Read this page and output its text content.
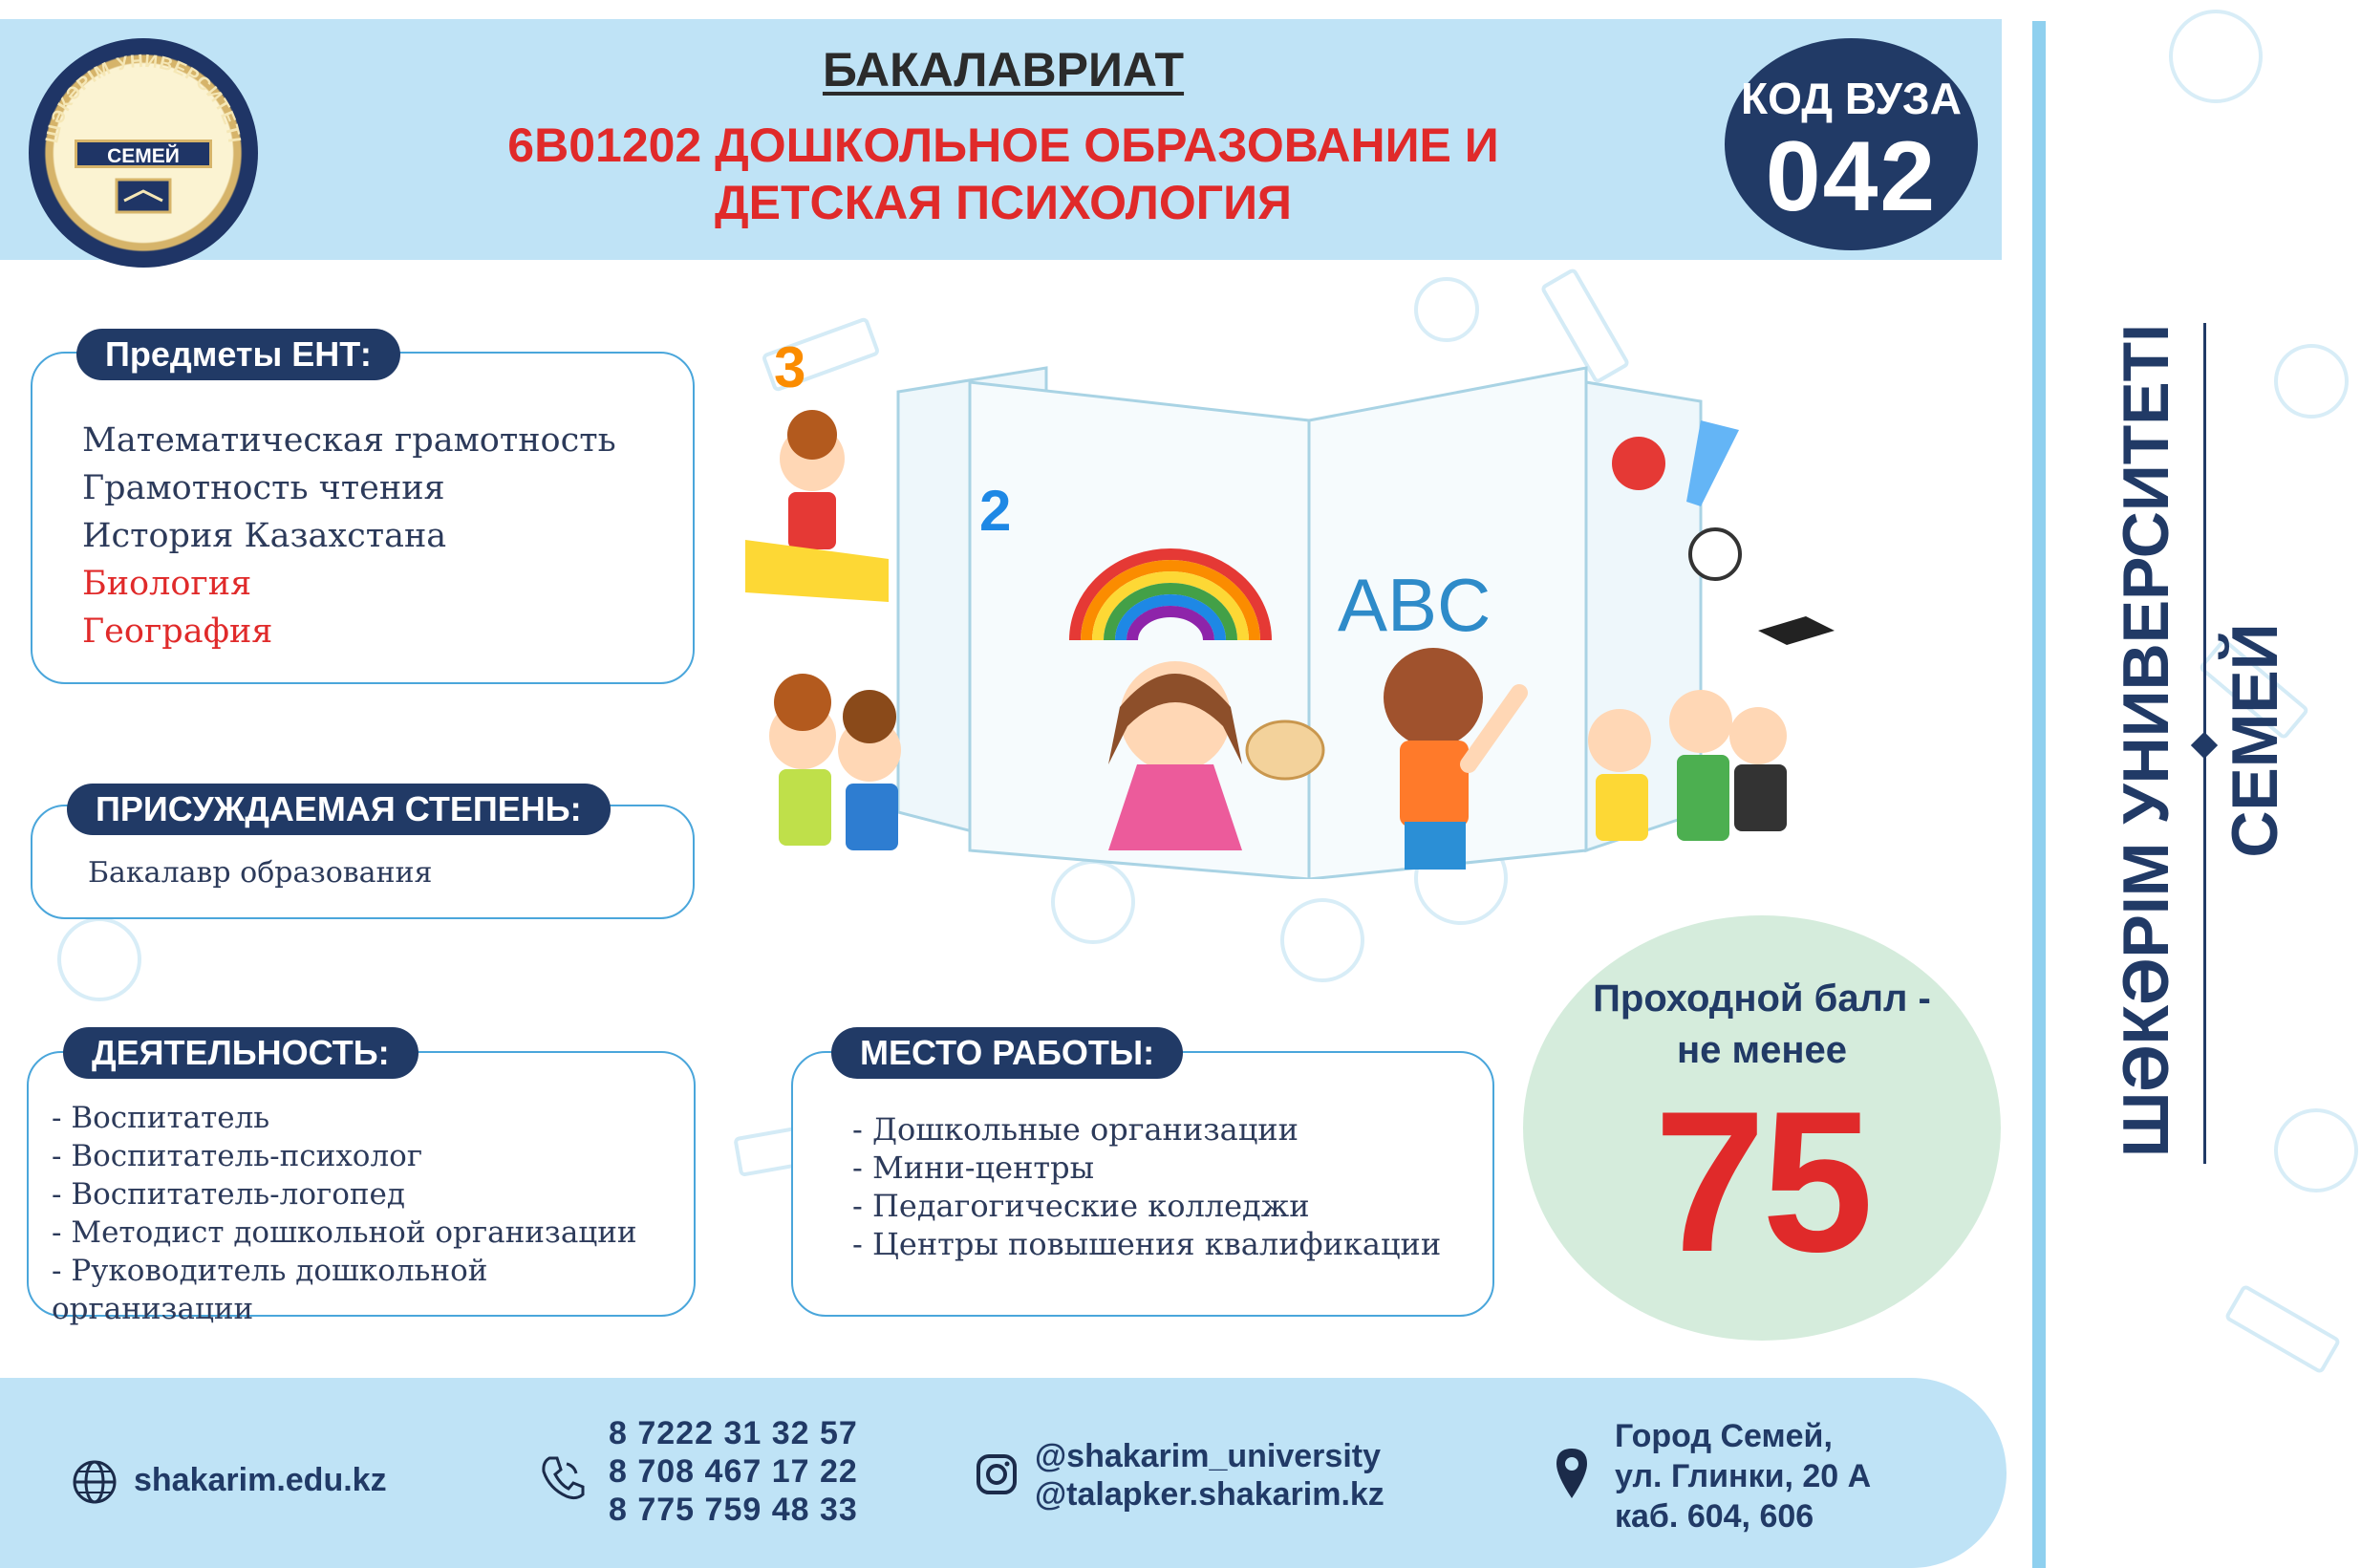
ШӘКӘРІМ УНИВЕРСИТЕТІ
СЕМЕЙ
БАКАЛАВРИАТ
6В01202 ДОШКОЛЬНОЕ ОБРАЗОВАНИЕ И
ДЕТСКАЯ ПСИХОЛОГИЯ
КОД ВУЗА
042
Математическая грамотность
Грамотность чтения
История Казахстана
Биология
География
Предметы ЕНТ:
Бакалавр образования
ПРИСУЖДАЕМАЯ СТЕПЕНЬ:
- Воспитатель
- Воспитатель-психолог
- Воспитатель-логопед
- Методист дошкольной организации
- Руководитель дошкольной организации
ДЕЯТЕЛЬНОСТЬ:
- Дошкольные организации
- Мини-центры
- Педагогические колледжи
- Центры повышения квалификации
МЕСТО РАБОТЫ:
Проходной балл -
не менее
75
3
2
ABC	ШӘКӘРІМ УНИВЕРСИТЕТІ СЕМЕЙ
shakarim.edu.kz
8 7222 31 32 57
8 708 467 17 22
8 775 759 48 33
@shakarim_university
@talapker.shakarim.kz
Город Семей,
ул. Глинки, 20 А
каб. 604, 606
